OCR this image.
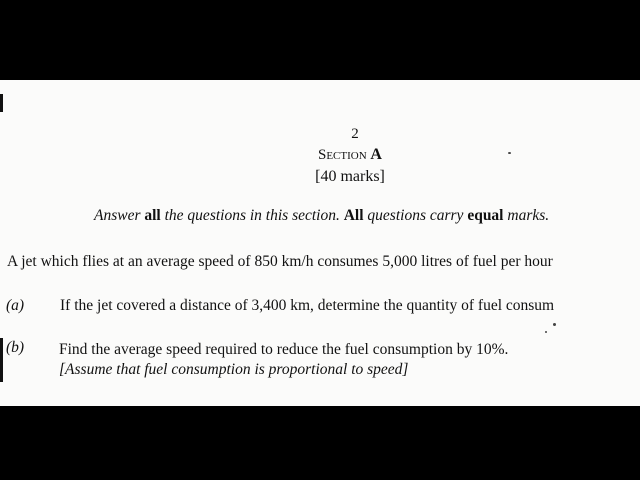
2
Section A
[40 marks]
Answer all the questions in this section. All questions carry equal marks.
A jet which flies at an average speed of 850 km/h consumes 5,000 litres of fuel per hour
(a) If the jet covered a distance of 3,400 km, determine the quantity of fuel consum
(b) Find the average speed required to reduce the fuel consumption by 10%.
[Assume that fuel consumption is proportional to speed]
